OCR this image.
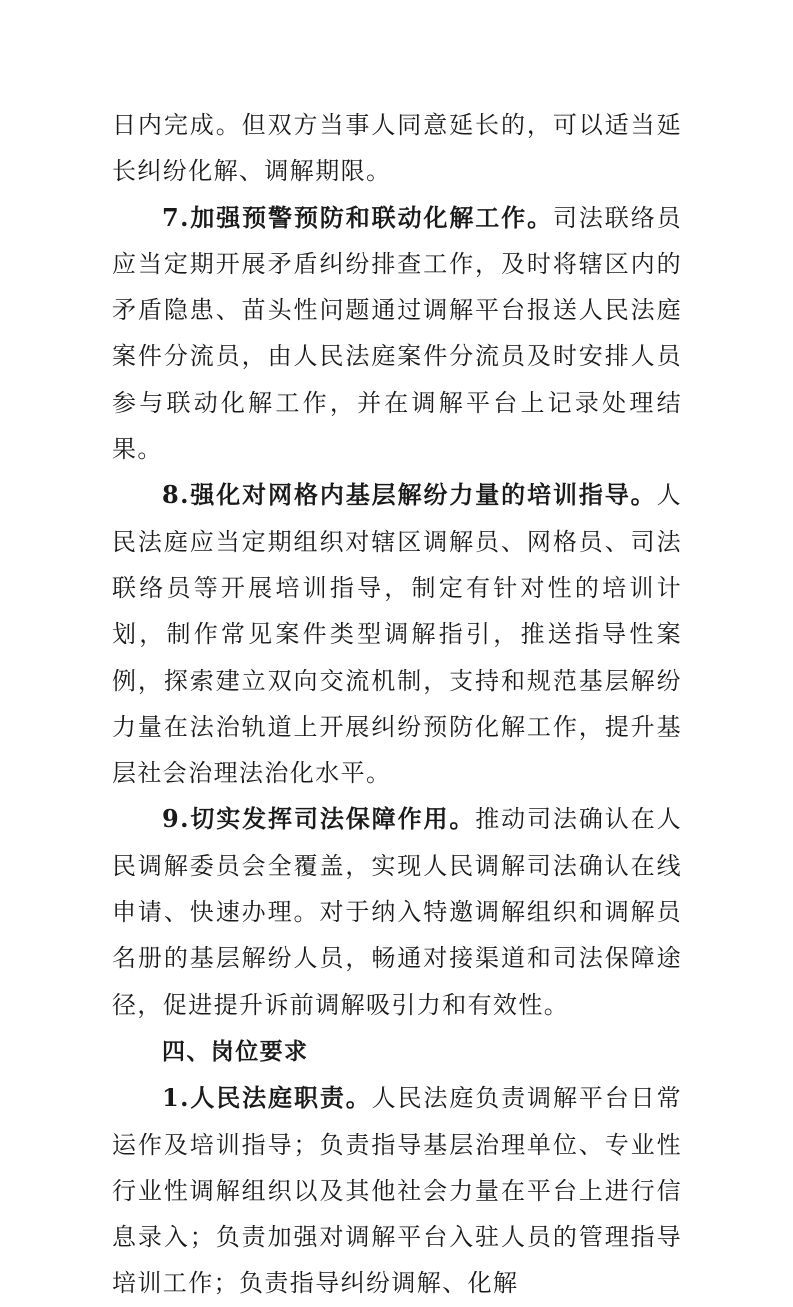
日内完成。但双方当事人同意延长的，可以适当延长纠纷化解、调解期限。

7.加强预警预防和联动化解工作。司法联络员应当定期开展矛盾纠纷排查工作，及时将辖区内的矛盾隐患、苗头性问题通过调解平台报送人民法庭案件分流员，由人民法庭案件分流员及时安排人员参与联动化解工作，并在调解平台上记录处理结果。

8.强化对网格内基层解纷力量的培训指导。人民法庭应当定期组织对辖区调解员、网格员、司法联络员等开展培训指导，制定有针对性的培训计划，制作常见案件类型调解指引，推送指导性案例，探索建立双向交流机制，支持和规范基层解纷力量在法治轨道上开展纠纷预防化解工作，提升基层社会治理法治化水平。

9.切实发挥司法保障作用。推动司法确认在人民调解委员会全覆盖，实现人民调解司法确认在线申请、快速办理。对于纳入特邀调解组织和调解员名册的基层解纷人员，畅通对接渠道和司法保障途径，促进提升诉前调解吸引力和有效性。

四、岗位要求

1.人民法庭职责。人民法庭负责调解平台日常运作及培训指导；负责指导基层治理单位、专业性行业性调解组织以及其他社会力量在平台上进行信息录入；负责加强对调解平台入驻人员的管理指导培训工作；负责指导纠纷调解、化解
